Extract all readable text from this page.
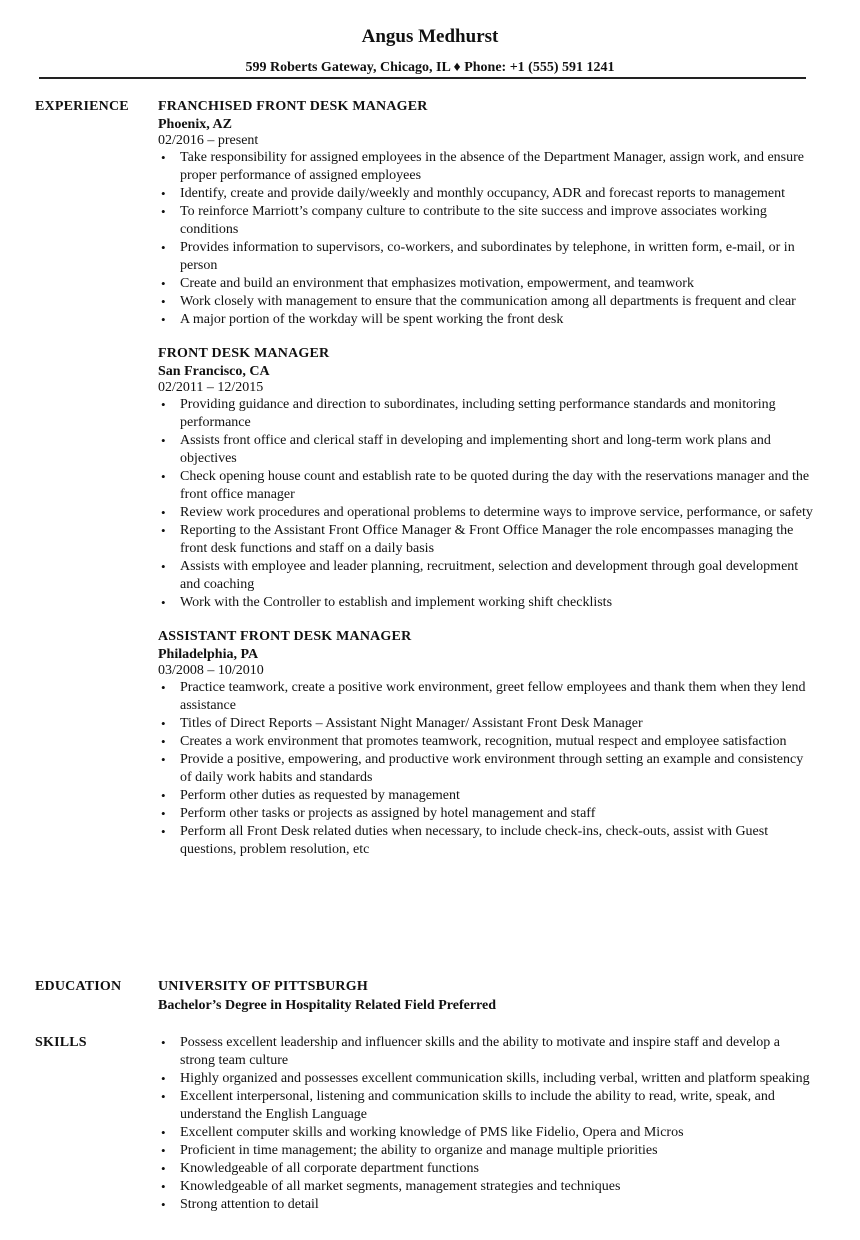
Angus Medhurst
599 Roberts Gateway, Chicago, IL ♦ Phone: +1 (555) 591 1241
EXPERIENCE FRANCHISED FRONT DESK MANAGER
Phoenix, AZ
02/2016 – present
• Take responsibility for assigned employees in the absence of the Department Manager, assign work, and ensure proper performance of assigned employees
• Identify, create and provide daily/weekly and monthly occupancy, ADR and forecast reports to management
• To reinforce Marriott’s company culture to contribute to the site success and improve associates working conditions
• Provides information to supervisors, co-workers, and subordinates by telephone, in written form, e-mail, or in person
• Create and build an environment that emphasizes motivation, empowerment, and teamwork
• Work closely with management to ensure that the communication among all departments is frequent and clear
• A major portion of the workday will be spent working the front desk
FRONT DESK MANAGER
San Francisco, CA
02/2011 – 12/2015
• Providing guidance and direction to subordinates, including setting performance standards and monitoring performance
• Assists front office and clerical staff in developing and implementing short and long-term work plans and objectives
• Check opening house count and establish rate to be quoted during the day with the reservations manager and the front office manager
• Review work procedures and operational problems to determine ways to improve service, performance, or safety
• Reporting to the Assistant Front Office Manager & Front Office Manager the role encompasses managing the front desk functions and staff on a daily basis
• Assists with employee and leader planning, recruitment, selection and development through goal development and coaching
• Work with the Controller to establish and implement working shift checklists
ASSISTANT FRONT DESK MANAGER
Philadelphia, PA
03/2008 – 10/2010
• Practice teamwork, create a positive work environment, greet fellow employees and thank them when they lend assistance
• Titles of Direct Reports – Assistant Night Manager/ Assistant Front Desk Manager
• Creates a work environment that promotes teamwork, recognition, mutual respect and employee satisfaction
• Provide a positive, empowering, and productive work environment through setting an example and consistency of daily work habits and standards
• Perform other duties as requested by management
• Perform other tasks or projects as assigned by hotel management and staff
• Perform all Front Desk related duties when necessary, to include check-ins, check-outs, assist with Guest questions, problem resolution, etc
EDUCATION	UNIVERSITY OF PITTSBURGH
Bachelor’s Degree in Hospitality Related Field Preferred
SKILLS
•	Possess excellent leadership and influencer skills and the ability to motivate and inspire staff and develop a strong team culture
• Highly organized and possesses excellent communication skills, including verbal, written and platform speaking
• Excellent interpersonal, listening and communication skills to include the ability to read, write, speak, and understand the English Language
• Excellent computer skills and working knowledge of PMS like Fidelio, Opera and Micros
• Proficient in time management; the ability to organize and manage multiple priorities
• Knowledgeable of all corporate department functions
• Knowledgeable of all market segments, management strategies and techniques
• Strong attention to detail
